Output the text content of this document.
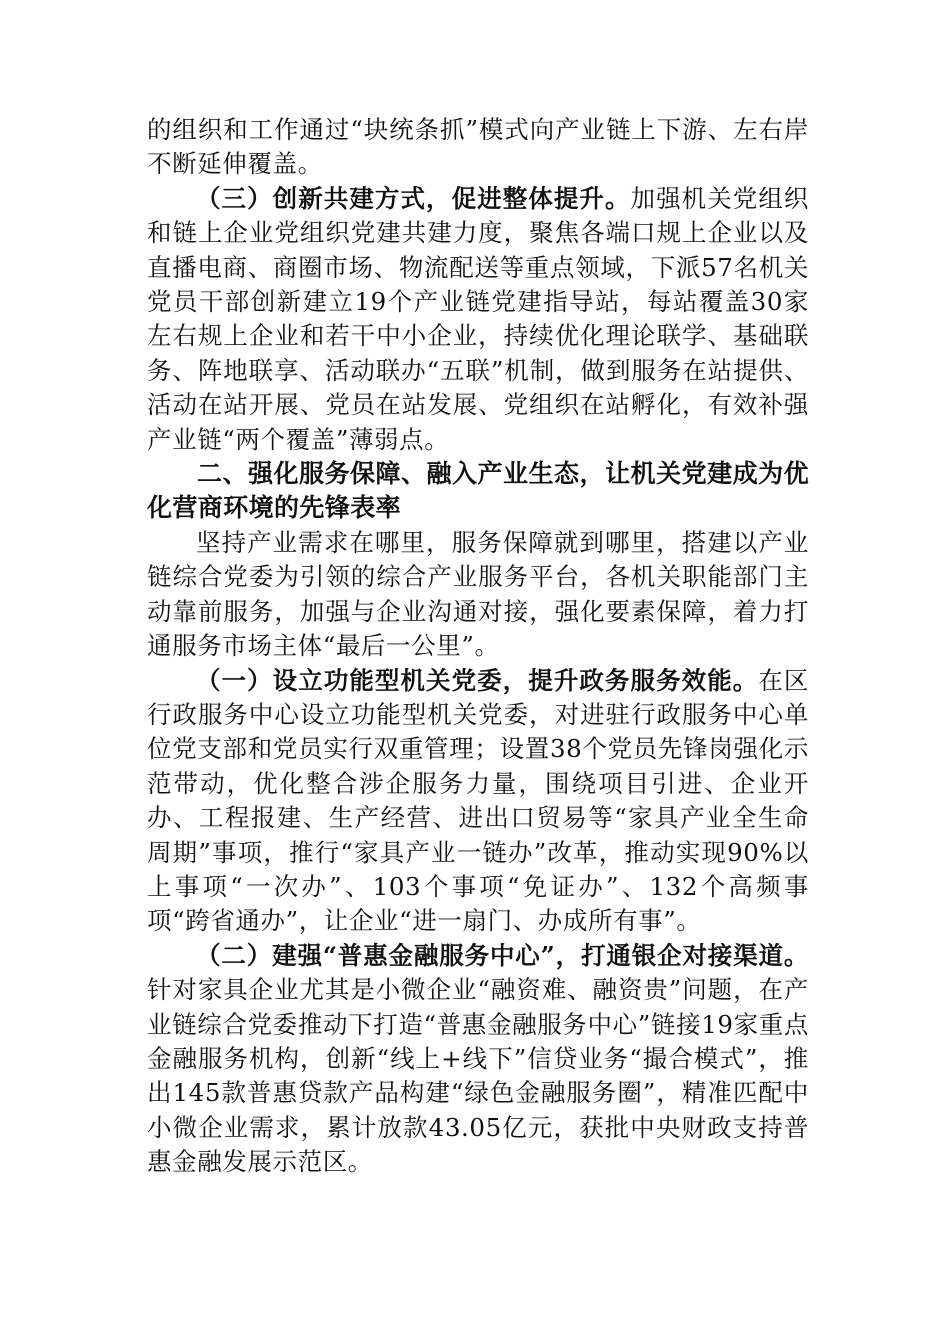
的组织和工作通过“块统条抓”模式向产业链上下游、左右岸不断延伸覆盖。

（三）创新共建方式，促进整体提升。加强机关党组织和链上企业党组织党建共建力度，聚焦各端口规上企业以及直播电商、商圈市场、物流配送等重点领域，下派57名机关党员干部创新建立19个产业链党建指导站，每站覆盖30家左右规上企业和若干中小企业，持续优化理论联学、基础联务、阵地联享、活动联办“五联”机制，做到服务在站提供、活动在站开展、党员在站发展、党组织在站孵化，有效补强产业链“两个覆盖”薄弱点。

二、强化服务保障、融入产业生态，让机关党建成为优化营商环境的先锋表率

坚持产业需求在哪里，服务保障就到哪里，搭建以产业链综合党委为引领的综合产业服务平台，各机关职能部门主动靠前服务，加强与企业沟通对接，强化要素保障，着力打通服务市场主体“最后一公里”。

（一）设立功能型机关党委，提升政务服务效能。在区行政服务中心设立功能型机关党委，对进驻行政服务中心单位党支部和党员实行双重管理；设置38个党员先锋岗强化示范带动，优化整合涉企服务力量，围绕项目引进、企业开办、工程报建、生产经营、进出口贸易等“家具产业全生命周期”事项，推行“家具产业一链办”改革，推动实现90%以上事项“一次办”、103个事项“免证办”、132个高频事项“跨省通办”，让企业“进一扇门、办成所有事”。

（二）建强“普惠金融服务中心”，打通银企对接渠道。针对家具企业尤其是小微企业“融资难、融资贵”问题，在产业链综合党委推动下打造“普惠金融服务中心”链接19家重点金融服务机构，创新“线上+线下”信贷业务“撮合模式”，推出145款普惠贷款产品构建“绿色金融服务圈”，精准匹配中小微企业需求，累计放款43.05亿元，获批中央财政支持普惠金融发展示范区。
